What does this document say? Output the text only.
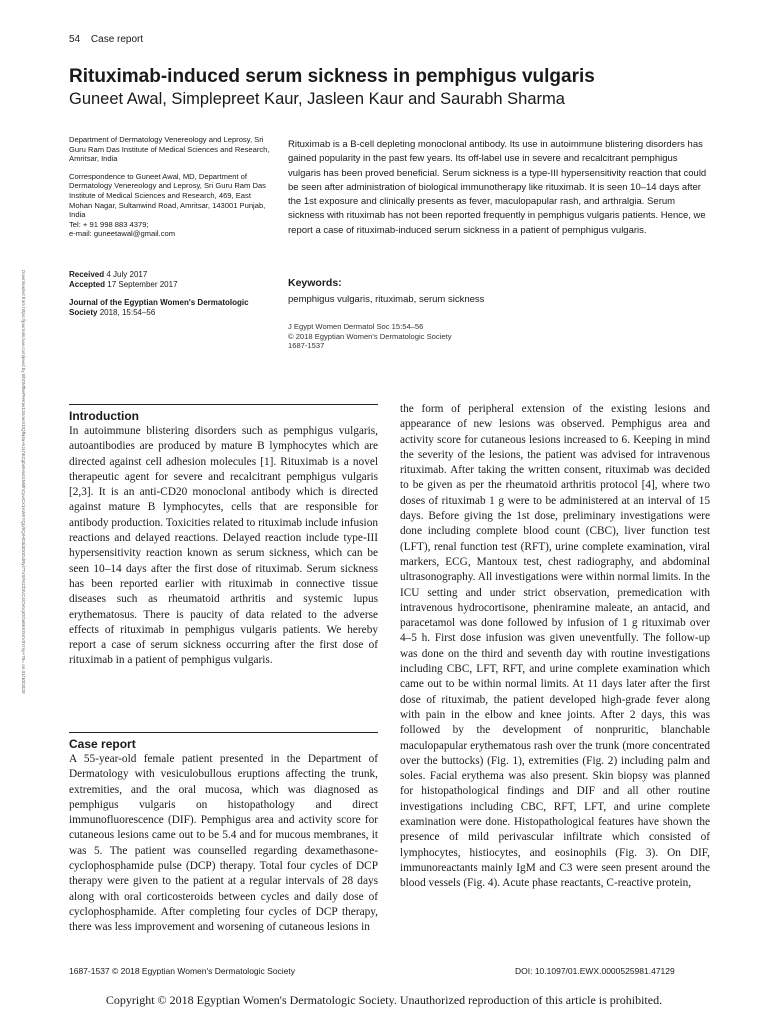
54 Case report
Rituximab-induced serum sickness in pemphigus vulgaris
Guneet Awal, Simplepreet Kaur, Jasleen Kaur and Saurabh Sharma

Department of Dermatology Venereology and Leprosy, Sri Guru Ram Das Institute of Medical Sciences and Research, Amritsar, India

Correspondence to Guneet Awal, MD, Department of Dermatology Venereology and Leprosy, Sri Guru Ram Das Institute of Medical Sciences and Research, 469, East Mohan Nagar, Sultanwind Road, Amritsar, 143001 Punjab, India
Tel: + 91 998 883 4379;
e-mail: guneetawal@gmail.com

Received 4 July 2017
Accepted 17 September 2017
Journal of the Egyptian Women's Dermatologic Society 2018, 15:54–56
Rituximab is a B-cell depleting monoclonal antibody. Its use in autoimmune blistering disorders has gained popularity in the past few years. Its off-label use in severe and recalcitrant pemphigus vulgaris has been proved beneficial. Serum sickness is a type-III hypersensitivity reaction that could be seen after administration of biological immunotherapy like rituximab. It is seen 10–14 days after the 1st exposure and clinically presents as fever, maculopapular rash, and arthralgia. Serum sickness with rituximab has not been reported frequently in pemphigus vulgaris patients. Hence, we report a case of rituximab-induced serum sickness in a patient of pemphigus vulgaris.
Keywords:

pemphigus vulgaris, rituximab, serum sickness

J Egypt Women Dermatol Soc 15:54–56
© 2018 Egyptian Women's Dermatologic Society
1687-1537
Downloaded from https://journals.lww.com/jewd by BhDMf5ePHKav1zEoum1tQfN4a+kJLhEZgbsIHo4XMi0hCywCX1AWnYQp/IlQrHD3i3D0OdRyi7TvSFl4Cf3VC4/OAVpDDa8KKGKV0Ymy+78= on 01/10/2020	Introduction

In autoimmune blistering disorders such as pemphigus vulgaris, autoantibodies are produced by mature B lymphocytes which are directed against cell adhesion molecules [1]. Rituximab is a novel therapeutic agent for severe and recalcitrant pemphigus vulgaris [2,3]. It is an anti-CD20 monoclonal antibody which is directed against mature B lymphocytes, cells that are responsible for antibody production. Toxicities related to rituximab include infusion reactions and delayed reactions. Delayed reaction include type-III hypersensitivity reaction known as serum sickness, which can be seen 10–14 days after the first dose of rituximab. Serum sickness has been reported earlier with rituximab in connective tissue diseases such as rheumatoid arthritis and systemic lupus erythematosus. There is paucity of data related to the adverse effects of rituximab in pemphigus vulgaris patients. We hereby report a case of serum sickness occurring after the first dose of rituximab in a patient of pemphigus vulgaris.

Case report

A 55-year-old female patient presented in the Department of Dermatology with vesiculobullous eruptions affecting the trunk, extremities, and the oral mucosa, which was diagnosed as pemphigus vulgaris on histopathology and direct immunofluorescence (DIF). Pemphigus area and activity score for cutaneous lesions came out to be 5.4 and for mucous membranes, it was 5. The patient was counselled regarding dexamethasone-cyclophosphamide pulse (DCP) therapy. Total four cycles of DCP therapy were given to the patient at a regular intervals of 28 days along with oral corticosteroids between cycles and daily dose of cyclophosphamide. After completing four cycles of DCP therapy, there was less improvement and worsening of cutaneous lesions in

the form of peripheral extension of the existing lesions and appearance of new lesions was observed. Pemphigus area and activity score for cutaneous lesions increased to 6. Keeping in mind the severity of the lesions, the patient was advised for intravenous rituximab. After taking the written consent, rituximab was decided to be given as per the rheumatoid arthritis protocol [4], where two doses of rituximab 1 g were to be administered at an interval of 15 days. Before giving the 1st dose, preliminary investigations were done including complete blood count (CBC), liver function test (LFT), renal function test (RFT), urine complete examination, viral markers, ECG, Mantoux test, chest radiography, and abdominal ultrasonography. All investigations were within normal limits. In the ICU setting and under strict observation, premedication with intravenous hydrocortisone, pheniramine maleate, an antacid, and paracetamol was done followed by infusion of 1 g rituximab over 4–5 h. First dose infusion was given uneventfully. The follow-up was done on the third and seventh day with routine investigations including CBC, LFT, RFT, and urine complete examination which came out to be within normal limits. At 11 days later after the first dose of rituximab, the patient developed high-grade fever along with pain in the elbow and knee joints. After 2 days, this was followed by the development of nonpruritic, blanchable maculopapular erythematous rash over the trunk (more concentrated over the buttocks) (Fig. 1), extremities (Fig. 2) including palm and soles. Facial erythema was also present. Skin biopsy was planned for histopathological findings and DIF and all other routine investigations including CBC, RFT, LFT, and urine complete examination were done. Histopathological features have shown the presence of mild perivascular infiltrate which consisted of lymphocytes, histiocytes, and eosinophils (Fig. 3). On DIF, immunoreactants mainly IgM and C3 were seen present around the blood vessels (Fig. 4). Acute phase reactants, C-reactive protein,
1687-1537 © 2018 Egyptian Women's Dermatologic Society	DOI: 10.1097/01.EWX.0000525981.47129
Copyright © 2018 Egyptian Women's Dermatologic Society. Unauthorized reproduction of this article is prohibited.
